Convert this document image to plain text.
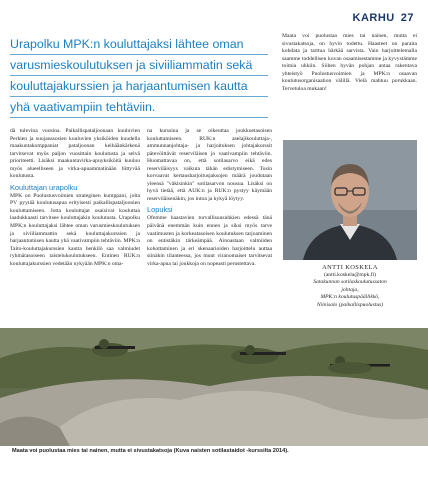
KARHU 27
Urapolku MPK:n kouluttajaksi lähtee oman
varusmieskoulutuksen ja siviiliammatin sekä
kouluttajakurssien ja harjaantumisen kautta
yhä vaativampiin tehtäviin.

dä tulevina vuosina. Paikallispataljoonaan kuuluvien Perkien ja suojaussosien kuuluvien yksiköiden kuudella maakuntakomppaniat pataljoonan keihäänkärkenä tarvitsevat myös paljon vuosittain koulutusta ja selvä prioriteetti. Lisäksi maakuntavirka-apuyksiköitä kuuluu myös alueelliseen ja virka-apuammatinään liittyvää koulutusta.

Kouluttajan urapolku

MPK on Puolustusvoimien strateginen kumppani, jolta PV pyytää koulutusapua erityisesti paikallispataljoonien kouluttamiseen. Jotta kouluttajat osaisivat kouluttaa laadukkaasti tarvitsee kouluttajakin koulutusta. Urapolku MPK:n kouluttajaksi lähtee oman varusmieskoulutuksen ja siviiliammattin sekä kouluttajakurssien ja harjaantumisen kautta yhä vaativampiin tehtäviin. MPK:n Taito-kouluttajakurssien kautta henkilö saa valmiudet ryhmätasoiseen taistelukoulutukseen. Entinen RUK:n kouluttajakurssien vedetään nykyään MPK:n oma-

na kurssina ja se oikeuttaa joukkuetasoisen kouluttamiseen. RUK:n aselajikouluttaja-, ammunnanjohtaja- ja harjoituksen johtajakurssit pätevöittävät reserviläisen jo vaativampiin tehtäviin. Huomattavaa on, että sotilasarvo eikä edes reserviläisyys vaikuta tähän edistymiseen. Tosin korvaavat kertausharjoitusjaksojen määrä joudutaan yleensä "väkisinkin" sotilasarvon nousua. Lisäksi on hyvä tietää, että AUK:n ja RUK:n pystyy käymään reserviläisenäkin, jos intoa ja kykyä löytyy.

Lopuksi

Ofemme haastavien turvallisuusuhkien edessä tänä päivänä enemmän kuin ennen ja siksi myös tarve vaatimusten ja korkeatasoisen koulutuksen tarjoaminen on entistäkin tärkeämpää. Ainoastaan valmiiden kohottaminen ja eri skenaarioiden harjoittelu auttaa siinäkin tilanteessa, jos muut viranomaiset tarvitsevat virka-apua tai joukkoja on nopeasti perustettava.

Maata voi puolustaa mies tai nainen, mutta ei sivustakatsoja, on hyvin todettu. Haasteet on paraita kohdata ja tarttua härkää sarvista. Vain harjoittelemalla saamme toddellisen kuvan osaamisestamme ja kyvystämme toimia uhkiin. Siihen hyvän pohjan antaa rakentava yhteistyö Puolustusvoimien ja MPK:n osaavan koulutusorganisaation välillä. Vielä mahtuu porukkaan. Tervetuloa mukaan!

ANTTI KOSKELA
(antti.koskela@mpk.fi)
Satakunnan sotilaskoulutussaton
johtaja,
MPK:n koulutuspäällikkö,
Niinisalo (paikallispuolustus)
Maata voi puolustaa mies tai nainen, mutta ei sivustakatsoja (Kuva naisten sotilastaidot -kurssilta 2014).
